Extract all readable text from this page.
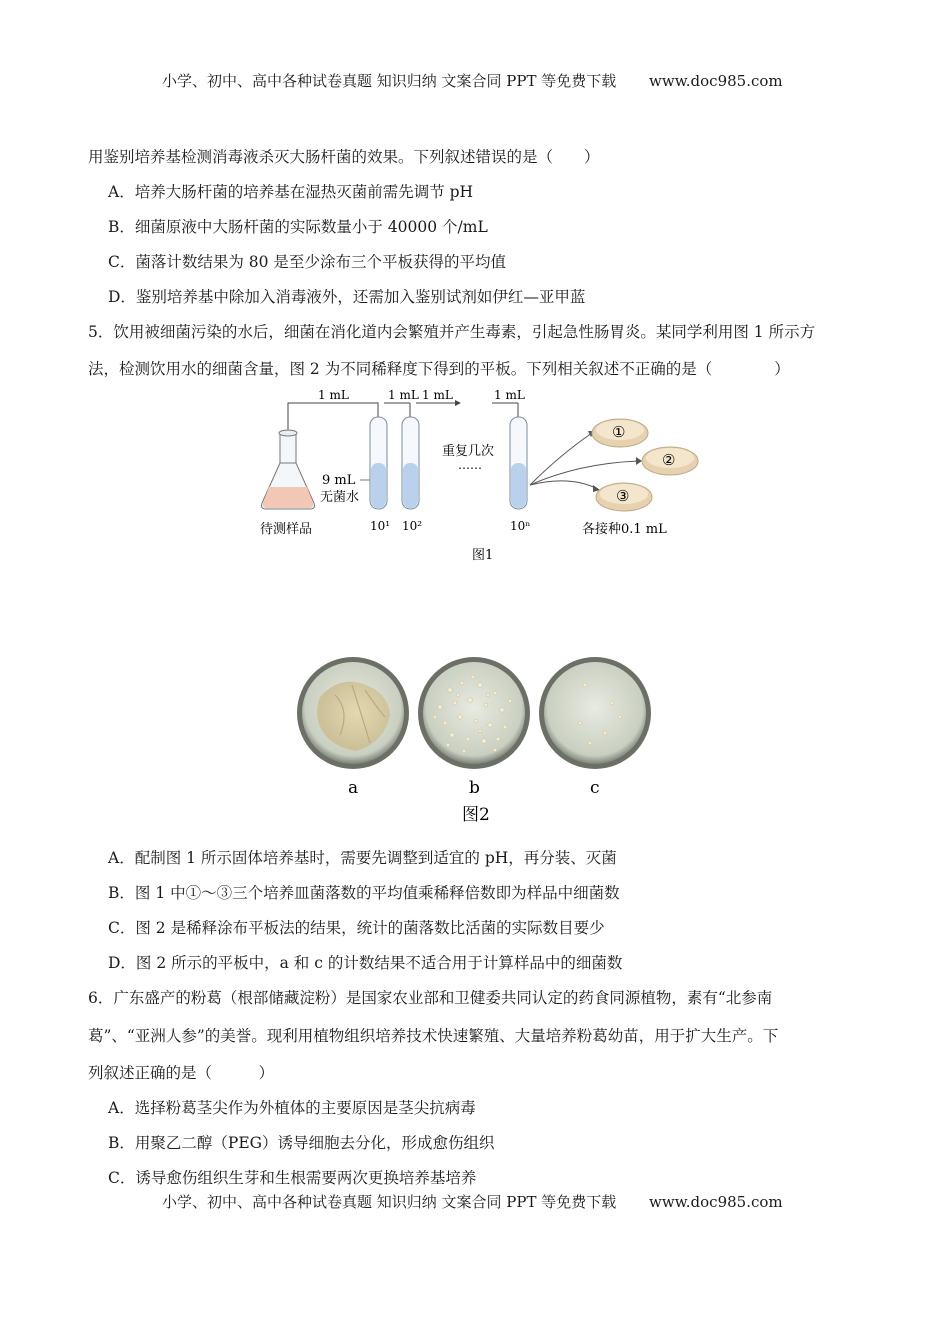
小学、初中、高中各种试卷真题 知识归纳 文案合同 PPT 等免费下载 www.doc985.com
用鉴别培养基检测消毒液杀灭大肠杆菌的效果。下列叙述错误的是（　　）
A．培养大肠杆菌的培养基在湿热灭菌前需先调节 pH
B．细菌原液中大肠杆菌的实际数量小于 40000 个/mL
C．菌落计数结果为 80 是至少涂布三个平板获得的平均值
D．鉴别培养基中除加入消毒液外，还需加入鉴别试剂如伊红—亚甲蓝
5．饮用被细菌污染的水后，细菌在消化道内会繁殖并产生毒素，引起急性肠胃炎。某同学利用图 1 所示方
法，检测饮用水的细菌含量，图 2 为不同稀释度下得到的平板。下列相关叙述不正确的是（　　　　）
1 mL	1 mL 1 mL	1 mL
待测样品
9 mL
无菌水
10¹ 10²	10ⁿ
重复几次
……
①
②
③
各接种0.1 mL
图1
a	b	c
图2
A．配制图 1 所示固体培养基时，需要先调整到适宜的 pH，再分装、灭菌
B．图 1 中①～③三个培养皿菌落数的平均值乘稀释倍数即为样品中细菌数
C．图 2 是稀释涂布平板法的结果，统计的菌落数比活菌的实际数目要少
D．图 2 所示的平板中，a 和 c 的计数结果不适合用于计算样品中的细菌数
6．广东盛产的粉葛（根部储藏淀粉）是国家农业部和卫健委共同认定的药食同源植物，素有“北参南
葛”、“亚洲人参”的美誉。现利用植物组织培养技术快速繁殖、大量培养粉葛幼苗，用于扩大生产。下
列叙述正确的是（　　　）
A．选择粉葛茎尖作为外植体的主要原因是茎尖抗病毒
B．用聚乙二醇（PEG）诱导细胞去分化，形成愈伤组织
C．诱导愈伤组织生芽和生根需要两次更换培养基培养
小学、初中、高中各种试卷真题 知识归纳 文案合同 PPT 等免费下载 www.doc985.com
